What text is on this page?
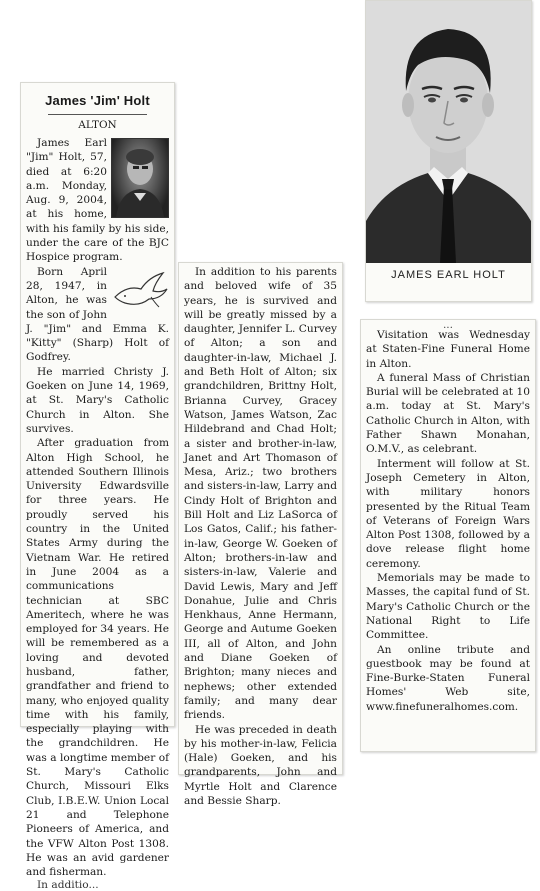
James 'Jim' Holt
ALTON

James Earl "Jim" Holt, 57, died at 6:20 a.m. Monday, Aug. 9, 2004, at his home, with his family by his side, under the care of the BJC Hospice program.

Born April 28, 1947, in Alton, he was the son of John J. "Jim" and Emma K. "Kitty" (Sharp) Holt of Godfrey.

He married Christy J. Goeken on June 14, 1969, at St. Mary's Catholic Church in Alton. She survives.

After graduation from Alton High School, he attended Southern Illinois University Edwardsville for three years. He proudly served his country in the United States Army during the Vietnam War. He retired in June 2004 as a communications technician at SBC Ameritech, where he was employed for 34 years. He will be remembered as a loving and devoted husband, father, grandfather and friend to many, who enjoyed quality time with his family, especially playing with the grandchildren. He was a longtime member of St. Mary's Catholic Church, Missouri Elks Club, I.B.E.W. Union Local 21 and Telephone Pioneers of America, and the VFW Alton Post 1308. He was an avid gardener and fisherman.

In additio...

In addition to his parents and beloved wife of 35 years, he is survived and will be greatly missed by a daughter, Jennifer L. Curvey of Alton; a son and daughter-in-law, Michael J. and Beth Holt of Alton; six grandchildren, Brittny Holt, Brianna Curvey, Gracey Watson, James Watson, Zac Hildebrand and Chad Holt; a sister and brother-in-law, Janet and Art Thomason of Mesa, Ariz.; two brothers and sisters-in-law, Larry and Cindy Holt of Brighton and Bill Holt and Liz LaSorca of Los Gatos, Calif.; his father-in-law, George W. Goeken of Alton; brothers-in-law and sisters-in-law, Valerie and David Lewis, Mary and Jeff Donahue, Julie and Chris Henkhaus, Anne Hermann, George and Autume Goeken III, all of Alton, and John and Diane Goeken of Brighton; many nieces and nephews; other extended family; and many dear friends.

He was preceded in death by his mother-in-law, Felicia (Hale) Goeken, and his grandparents, John and Myrtle Holt and Clarence and Bessie Sharp.

...

Visitation was Wednesday at Staten-Fine Funeral Home in Alton.

A funeral Mass of Christian Burial will be celebrated at 10 a.m. today at St. Mary's Catholic Church in Alton, with Father Shawn Monahan, O.M.V., as celebrant.

Interment will follow at St. Joseph Cemetery in Alton, with military honors presented by the Ritual Team of Veterans of Foreign Wars Alton Post 1308, followed by a dove release flight home ceremony.

Memorials may be made to Masses, the capital fund of St. Mary's Catholic Church or the National Right to Life Committee.

An online tribute and guestbook may be found at Fine-Burke-Staten Funeral Homes' Web site, www.finefuneralhomes.com.

JAMES EARL HOLT
